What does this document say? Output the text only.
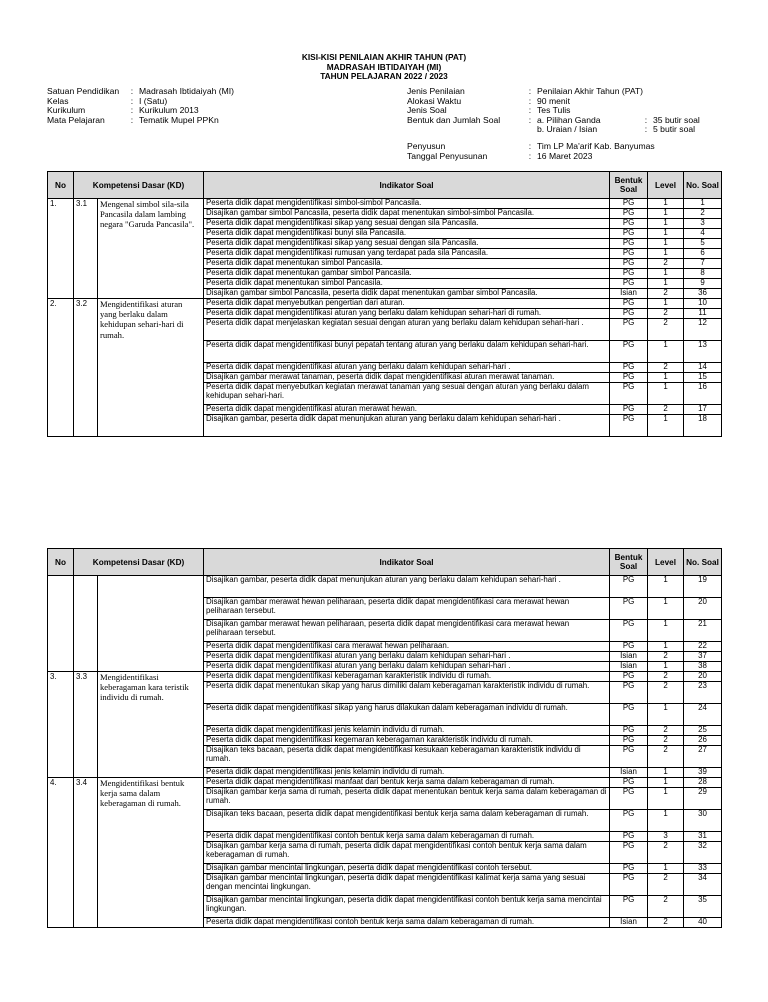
KISI-KISI PENILAIAN AKHIR TAHUN (PAT)
MADRASAH IBTIDAIYAH (MI)
TAHUN PELAJARAN 2022 / 2023
Satuan Pendidikan : Madrasah Ibtidaiyah (MI)
Kelas	: I (Satu)
Kurikulum	: Kurikulum 2013
Mata Pelajaran	: Tematik Mupel PPKn
Jenis Penilaian	: Penilaian Akhir Tahun (PAT)
Alokasi Waktu	: 90 menit
Jenis Soal	: Tes Tulis
Bentuk dan Jumlah Soal	: a. Pilihan Ganda	: 35 butir soal
b. Uraian / Isian	: 5 butir soal
Penyusun	: Tim LP Ma'arif Kab. Banyumas
Tanggal Penyusunan	: 16 Maret 2023
No	Kompetensi Dasar (KD)		Indikator Soal	Bentuk Soal	Level	No. Soal
1.	3.1	Mengenal simbol sila-sila Pancasila dalam lambing negara "Garuda Pancasila".	Peserta didik dapat mengidentifikasi simbol-simbol Pancasila.	PG	1	1
			Disajikan gambar simbol Pancasila, peserta didik dapat menentukan simbol-simbol Pancasila.	PG	1	2
			Peserta didik dapat mengidentifikasi sikap yang sesuai dengan sila Pancasila.	PG	1	3
			Peserta didik dapat mengidentifikasi bunyi sila Pancasila.	PG	1	4
			Peserta didik dapat mengidentifikasi sikap yang sesuai dengan sila Pancasila.	PG	1	5
			Peserta didik dapat mengidentifikasi rumusan yang terdapat pada sila Pancasila.	PG	1	6
			Peserta didik dapat menentukan simbol Pancasila.	PG	2	7
			Peserta didik dapat menentukan gambar simbol Pancasila.	PG	1	8
			Peserta didik dapat menentukan simbol Pancasila.	PG	1	9
			Disajikan gambar simbol Pancasila, peserta didik dapat menentukan gambar simbol Pancasila.	Isian	2	36
2.	3.2	Mengidentifikasi aturan yang berlaku dalam kehidupan sehari-hari di rumah.	Peserta didik dapat menyebutkan pengertian dari aturan.	PG	1	10
			Peserta didik dapat mengidentifikasi aturan yang berlaku dalam kehidupan sehari-hari di rumah.	PG	2	11
			Peserta didik dapat menjelaskan kegiatan sesuai dengan aturan yang berlaku dalam kehidupan sehari-hari .	PG	2	12
			Peserta didik dapat mengidentifikasi bunyi pepatah tentang aturan yang berlaku dalam kehidupan sehari-hari.	PG	1	13
			Peserta didik dapat mengidentifikasi aturan yang berlaku dalam kehidupan sehari-hari .	PG	2	14
			Disajikan gambar merawat tanaman, peserta didik dapat mengidentifikasi aturan merawat tanaman.	PG	1	15
			Peserta didik dapat menyebutkan kegiatan merawat tanaman yang sesuai dengan aturan yang berlaku dalam kehidupan sehari-hari.	PG	1	16
			Peserta didik dapat mengidentifikasi aturan merawat hewan.	PG	2	17
			Disajikan gambar, peserta didik dapat menunjukan aturan yang berlaku dalam kehidupan sehari-hari .	PG	1	18
No	Kompetensi Dasar (KD)		Indikator Soal	Bentuk Soal	Level	No. Soal
			Disajikan gambar, peserta didik dapat menunjukan aturan yang berlaku dalam kehidupan sehari-hari .	PG	1	19
			Disajikan gambar merawat hewan peliharaan, peserta didik dapat mengidentifikasi cara merawat hewan peliharaan tersebut.	PG	1	20
			Disajikan gambar merawat hewan peliharaan, peserta didik dapat mengidentifikasi cara merawat hewan peliharaan tersebut.	PG	1	21
			Peserta didik dapat mengidentifikasi cara merawat hewan peliharaan.	PG	1	22
			Peserta didik dapat mengidentifikasi aturan yang berlaku dalam kehidupan sehari-hari .	Isian	2	37
			Peserta didik dapat mengidentifikasi aturan yang berlaku dalam kehidupan sehari-hari .	Isian	1	38
3.	3.3	Mengidentifikasi keberagaman kara teristik individu di rumah.	Peserta didik dapat mengidentifikasi keberagaman karakteristik individu di rumah.	PG	2	20
			Peserta didik dapat menentukan sikap yang harus dimiliki dalam keberagaman karakteristik individu di rumah.	PG	2	23
			Peserta didik dapat mengidentifikasi sikap yang harus dilakukan dalam keberagaman individu di rumah.	PG	1	24
			Peserta didik dapat mengidentifikasi jenis kelamin individu di rumah.	PG	2	25
			Peserta didik dapat mengidentifikasi kegemaran keberagaman karakteristik individu di rumah.	PG	2	26
			Disajikan teks bacaan, peserta didik dapat mengidentifikasi kesukaan keberagaman karakteristik individu di rumah.	PG	2	27
			Peserta didik dapat mengidentifikasi jenis kelamin individu di rumah.	Isian	1	39
4.	3.4	Mengidentifikasi bentuk kerja sama dalam keberagaman di rumah.	Peserta didik dapat mengidentifikasi manfaat dari bentuk kerja sama dalam keberagaman di rumah.	PG	1	28
			Disajikan gambar kerja sama di rumah, peserta didik dapat menentukan bentuk kerja sama dalam keberagaman di rumah.	PG	1	29
			Disajikan teks bacaan, peserta didik dapat mengidentifikasi bentuk kerja sama dalam keberagaman di rumah.	PG	1	30
			Peserta didik dapat mengidentifikasi contoh bentuk kerja sama dalam keberagaman di rumah.	PG	3	31
			Disajikan gambar kerja sama di rumah, peserta didik dapat mengidentifikasi contoh bentuk kerja sama dalam keberagaman di rumah.	PG	2	32
			Disajikan gambar mencintai lingkungan, peserta didik dapat mengidentifikasi contoh tersebut.	PG	1	33
			Disajikan gambar mencintai lingkungan, peserta didik dapat mengidentifikasi kalimat kerja sama yang sesuai dengan mencintai lingkungan.	PG	2	34
			Disajikan gambar mencintai lingkungan, peserta didik dapat mengidentifikasi contoh bentuk kerja sama mencintai lingkungan.	PG	2	35
			Peserta didik dapat mengidentifikasi contoh bentuk kerja sama dalam keberagaman di rumah.	Isian	2	40
